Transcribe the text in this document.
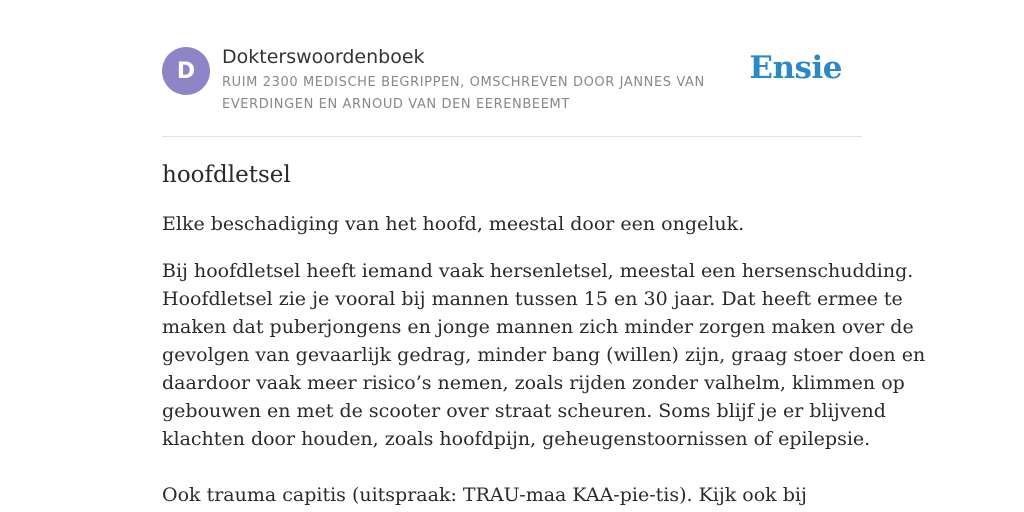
D
Dokterswoordenboek
RUIM 2300 MEDISCHE BEGRIPPEN, OMSCHREVEN DOOR JANNES VAN EVERDINGEN EN ARNOUD VAN DEN EERENBEEMT
Ensie
hoofdletsel

Elke beschadiging van het hoofd, meestal door een ongeluk.

Bij hoofdletsel heeft iemand vaak hersenletsel, meestal een hersenschudding.
Hoofdletsel zie je vooral bij mannen tussen 15 en 30 jaar. Dat heeft ermee te
maken dat puberjongens en jonge mannen zich minder zorgen maken over de
gevolgen van gevaarlijk gedrag, minder bang (willen) zijn, graag stoer doen en
daardoor vaak meer risico’s nemen, zoals rijden zonder valhelm, klimmen op
gebouwen en met de scooter over straat scheuren. Soms blijf je er blijvend
klachten door houden, zoals hoofdpijn, geheugenstoornissen of epilepsie.
Ook trauma capitis (uitspraak: TRAU-maa KAA-pie-tis). Kijk ook bij
